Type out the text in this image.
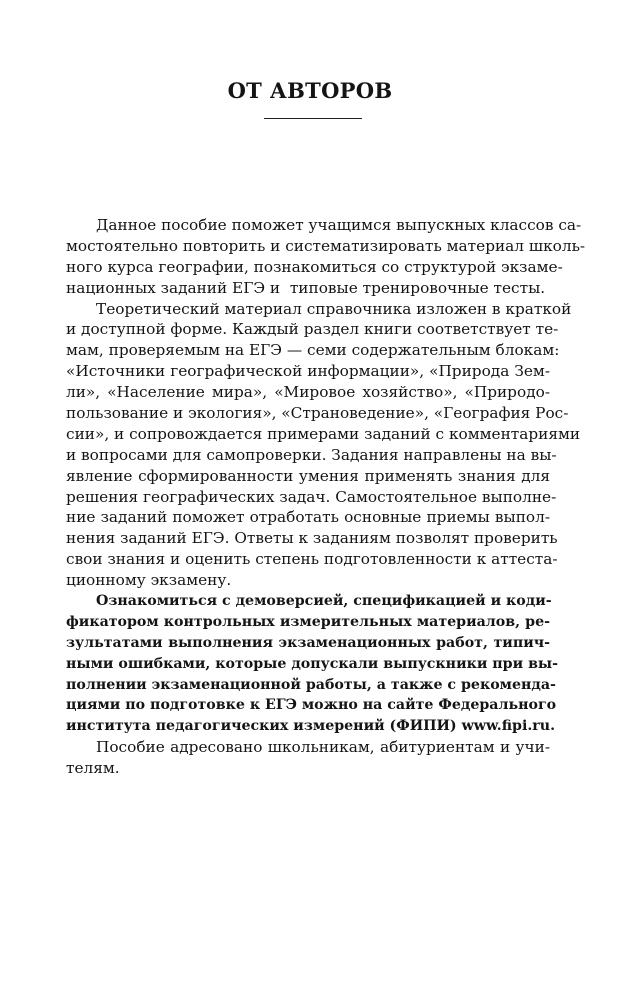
ОТ АВТОРОВ
Данное пособие поможет учащимся выпускных классов са-
мостоятельно повторить и систематизировать материал школь-
ного курса географии, познакомиться со структурой экзаме-
национных заданий ЕГЭ и  типовые тренировочные тесты.
Теоретический материал справочника изложен в краткой
и доступной форме. Каждый раздел книги соответствует те-
мам, проверяемым на ЕГЭ — семи содержательным блокам:
«Источники географической информации», «Природа Зем-
ли», «Население мира», «Мировое хозяйство», «Природо-
пользование и экология», «Страноведение», «География Рос-
сии», и сопровождается примерами заданий с комментариями
и вопросами для самопроверки. Задания направлены на вы-
явление сформированности умения применять знания для
решения географических задач. Самостоятельное выполне-
ние заданий поможет отработать основные приемы выпол-
нения заданий ЕГЭ. Ответы к заданиям позволят проверить
свои знания и оценить степень подготовленности к аттеста-
ционному экзамену.
Ознакомиться с демоверсией, спецификацией и коди-
фикатором контрольных измерительных материалов, ре-
зультатами выполнения экзаменационных работ, типич-
ными ошибками, которые допускали выпускники при вы-
полнении экзаменационной работы, а также с рекоменда-
циями по подготовке к ЕГЭ можно на сайте Федерального
института педагогических измерений (ФИПИ) www.fipi.ru.
Пособие адресовано школьникам, абитуриентам и учи-
телям.
